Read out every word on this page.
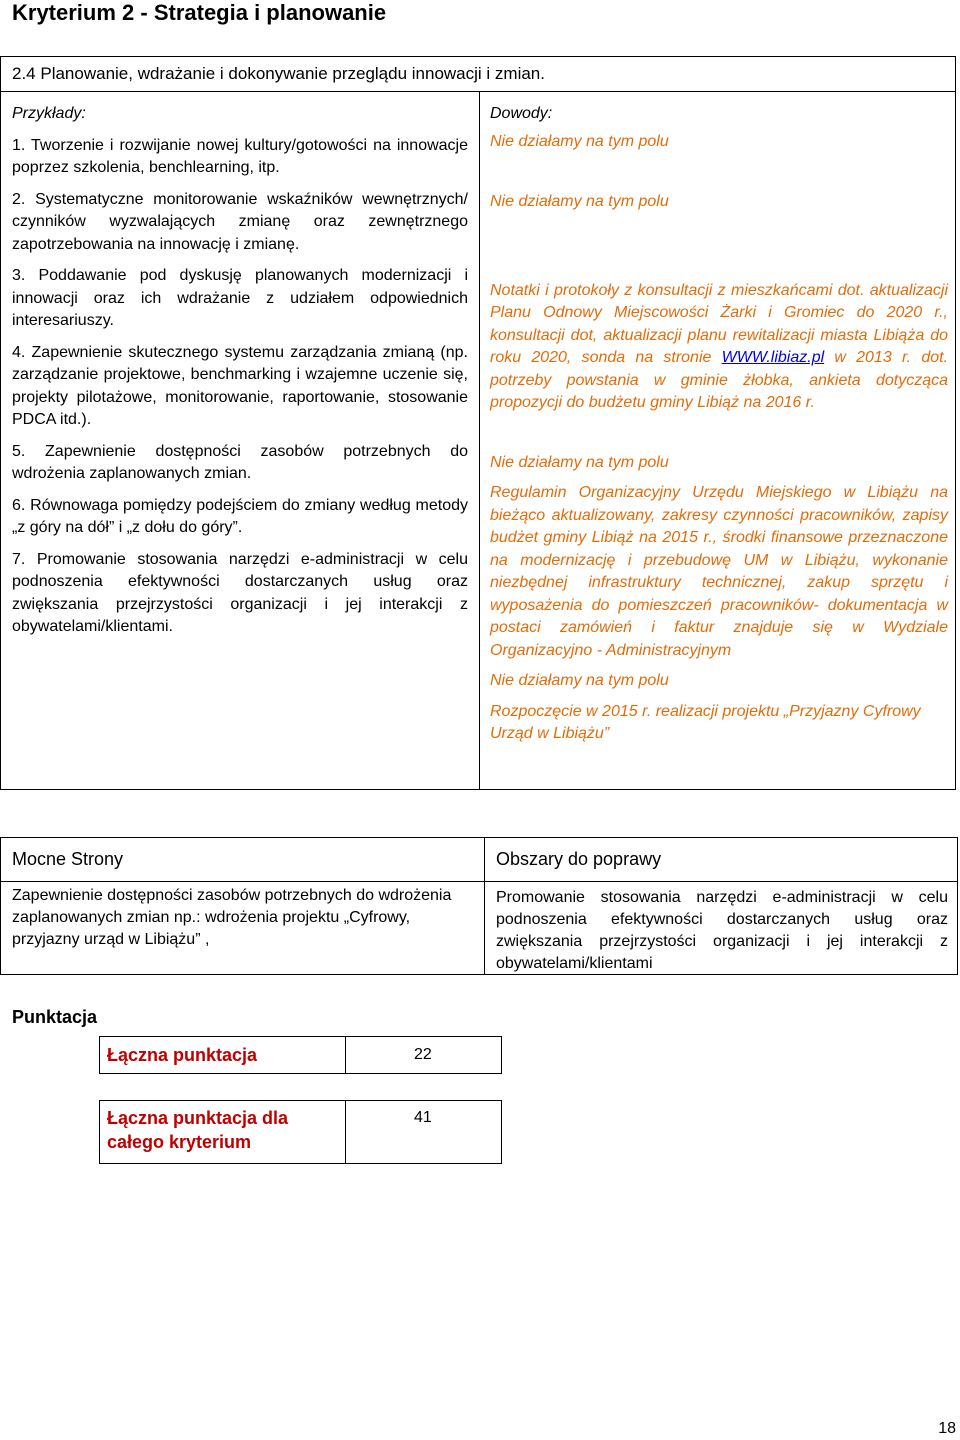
Kryterium 2 - Strategia i planowanie
2.4 Planowanie, wdrażanie i dokonywanie przeglądu innowacji i zmian.
Przykłady:
1. Tworzenie i rozwijanie nowej kultury/gotowości na innowacje poprzez szkolenia, benchlearning, itp.
2. Systematyczne monitorowanie wskaźników wewnętrznych/ czynników wyzwalających zmianę oraz zewnętrznego zapotrzebowania na innowację i zmianę.
3. Poddawanie pod dyskusję planowanych modernizacji i innowacji oraz ich wdrażanie z udziałem odpowiednich interesariuszy.
4. Zapewnienie skutecznego systemu zarządzania zmianą (np. zarządzanie projektowe, benchmarking i wzajemne uczenie się, projekty pilotażowe, monitorowanie, raportowanie, stosowanie PDCA itd.).
5. Zapewnienie dostępności zasobów potrzebnych do wdrożenia zaplanowanych zmian.
6. Równowaga pomiędzy podejściem do zmiany według metody „z góry na dół” i „z dołu do góry”.
7. Promowanie stosowania narzędzi e-administracji w celu podnoszenia efektywności dostarczanych usług oraz zwiększania przejrzystości organizacji i jej interakcji z obywatelami/klientami.
Dowody:
Nie działamy na tym polu
Nie działamy na tym polu
Notatki i protokoły z konsultacji z mieszkańcami dot. aktualizacji Planu Odnowy Miejscowości Żarki i Gromiec do 2020 r., konsultacji dot, aktualizacji planu rewitalizacji miasta Libiąża do roku 2020, sonda na stronie WWW.libiaz.pl w 2013 r. dot. potrzeby powstania w gminie żłobka, ankieta dotycząca propozycji do budżetu gminy Libiąż na 2016 r.
Nie działamy na tym polu
Regulamin Organizacyjny Urzędu Miejskiego w Libiążu na bieżąco aktualizowany, zakresy czynności pracowników, zapisy budżet gminy Libiąż na 2015 r., środki finansowe przeznaczone na modernizację i przebudowę UM w Libiążu, wykonanie niezbędnej infrastruktury technicznej, zakup sprzętu i wyposażenia do pomieszczeń pracowników- dokumentacja w postaci zamówień i faktur znajduje się w Wydziale Organizacyjno - Administracyjnym
Nie działamy na tym polu
Rozpoczęcie w 2015 r. realizacji projektu „Przyjazny Cyfrowy Urząd w Libiążu”
Mocne Strony	Obszary do poprawy
Zapewnienie dostępności zasobów potrzebnych do wdrożenia zaplanowanych zmian np.: wdrożenia projektu „Cyfrowy, przyjazny urząd w Libiążu” ,
Promowanie stosowania narzędzi e-administracji w celu podnoszenia efektywności dostarczanych usług oraz zwiększania przejrzystości organizacji i jej interakcji z obywatelami/klientami
Punktacja
Łączna punktacja	22
Łączna punktacja dla całego kryterium
41
18
